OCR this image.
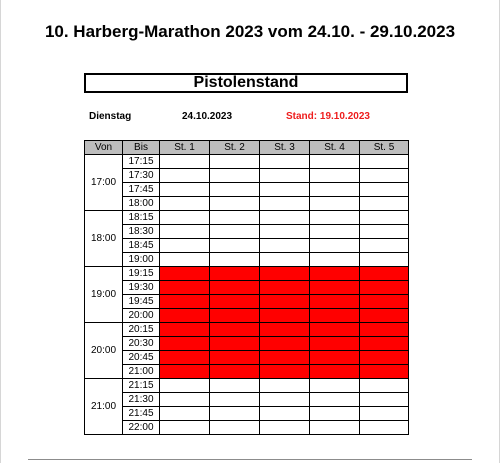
10. Harberg-Marathon 2023 vom 24.10. - 29.10.2023
Pistolenstand
Dienstag	24.10.2023	Stand: 19.10.2023
Von	Bis	St. 1	St. 2	St. 3	St. 4	St. 5
17:00	17:15					
	17:30					
	17:45					
	18:00					
18:00	18:15					
	18:30					
	18:45					
	19:00					
19:00	19:15					
	19:30					
	19:45					
	20:00					
20:00	20:15					
	20:30					
	20:45					
	21:00					
21:00	21:15					
	21:30					
	21:45					
	22:00					
